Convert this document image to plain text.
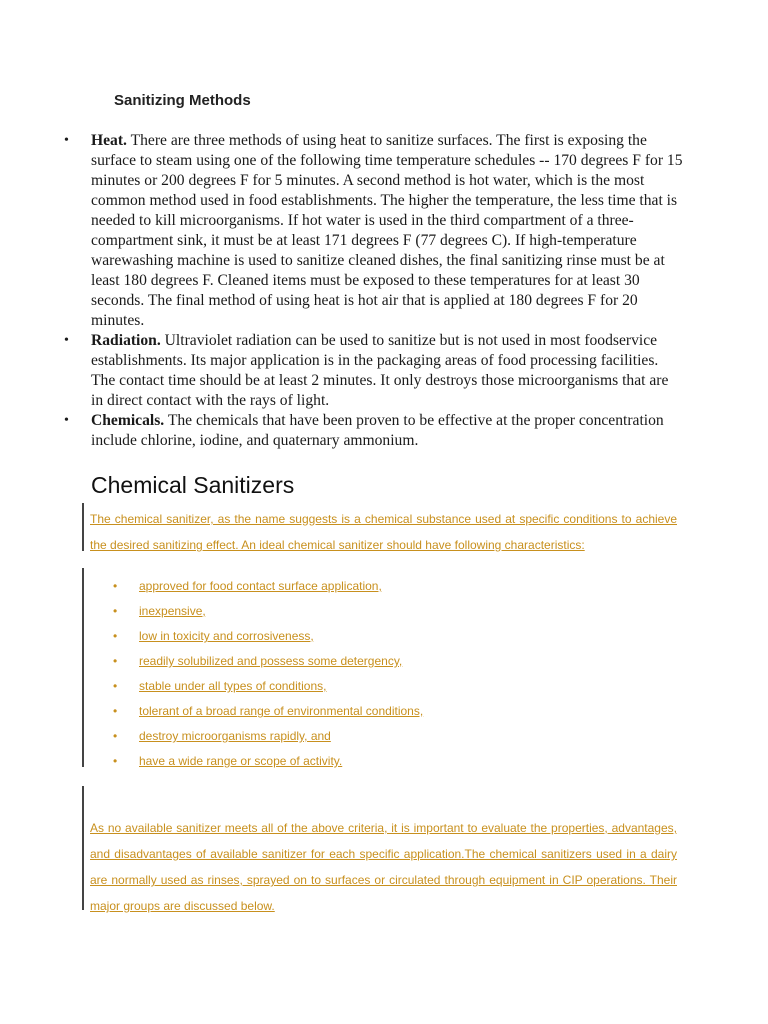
Sanitizing Methods
• Heat. There are three methods of using heat to sanitize surfaces. The first is exposing the surface to steam using one of the following time temperature schedules -- 170 degrees F for 15 minutes or 200 degrees F for 5 minutes. A second method is hot water, which is the most common method used in food establishments. The higher the temperature, the less time that is needed to kill microorganisms. If hot water is used in the third compartment of a three-compartment sink, it must be at least 171 degrees F (77 degrees C). If high-temperature warewashing machine is used to sanitize cleaned dishes, the final sanitizing rinse must be at least 180 degrees F. Cleaned items must be exposed to these temperatures for at least 30 seconds. The final method of using heat is hot air that is applied at 180 degrees F for 20 minutes.
• Radiation. Ultraviolet radiation can be used to sanitize but is not used in most foodservice establishments. Its major application is in the packaging areas of food processing facilities. The contact time should be at least 2 minutes. It only destroys those microorganisms that are in direct contact with the rays of light.
• Chemicals. The chemicals that have been proven to be effective at the proper concentration include chlorine, iodine, and quaternary ammonium.
Chemical Sanitizers

The chemical sanitizer, as the name suggests is a chemical substance used at specific conditions to achieve the desired sanitizing effect. An ideal chemical sanitizer should have following characteristics:

• approved for food contact surface application,
• inexpensive,
• low in toxicity and corrosiveness,
• readily solubilized and possess some detergency,
• stable under all types of conditions,
• tolerant of a broad range of environmental conditions,
• destroy microorganisms rapidly, and
• have a wide range or scope of activity.

As no available sanitizer meets all of the above criteria, it is important to evaluate the properties, advantages, and disadvantages of available sanitizer for each specific application.The chemical sanitizers used in a dairy are normally used as rinses, sprayed on to surfaces or circulated through equipment in CIP operations. Their major groups are discussed below.
